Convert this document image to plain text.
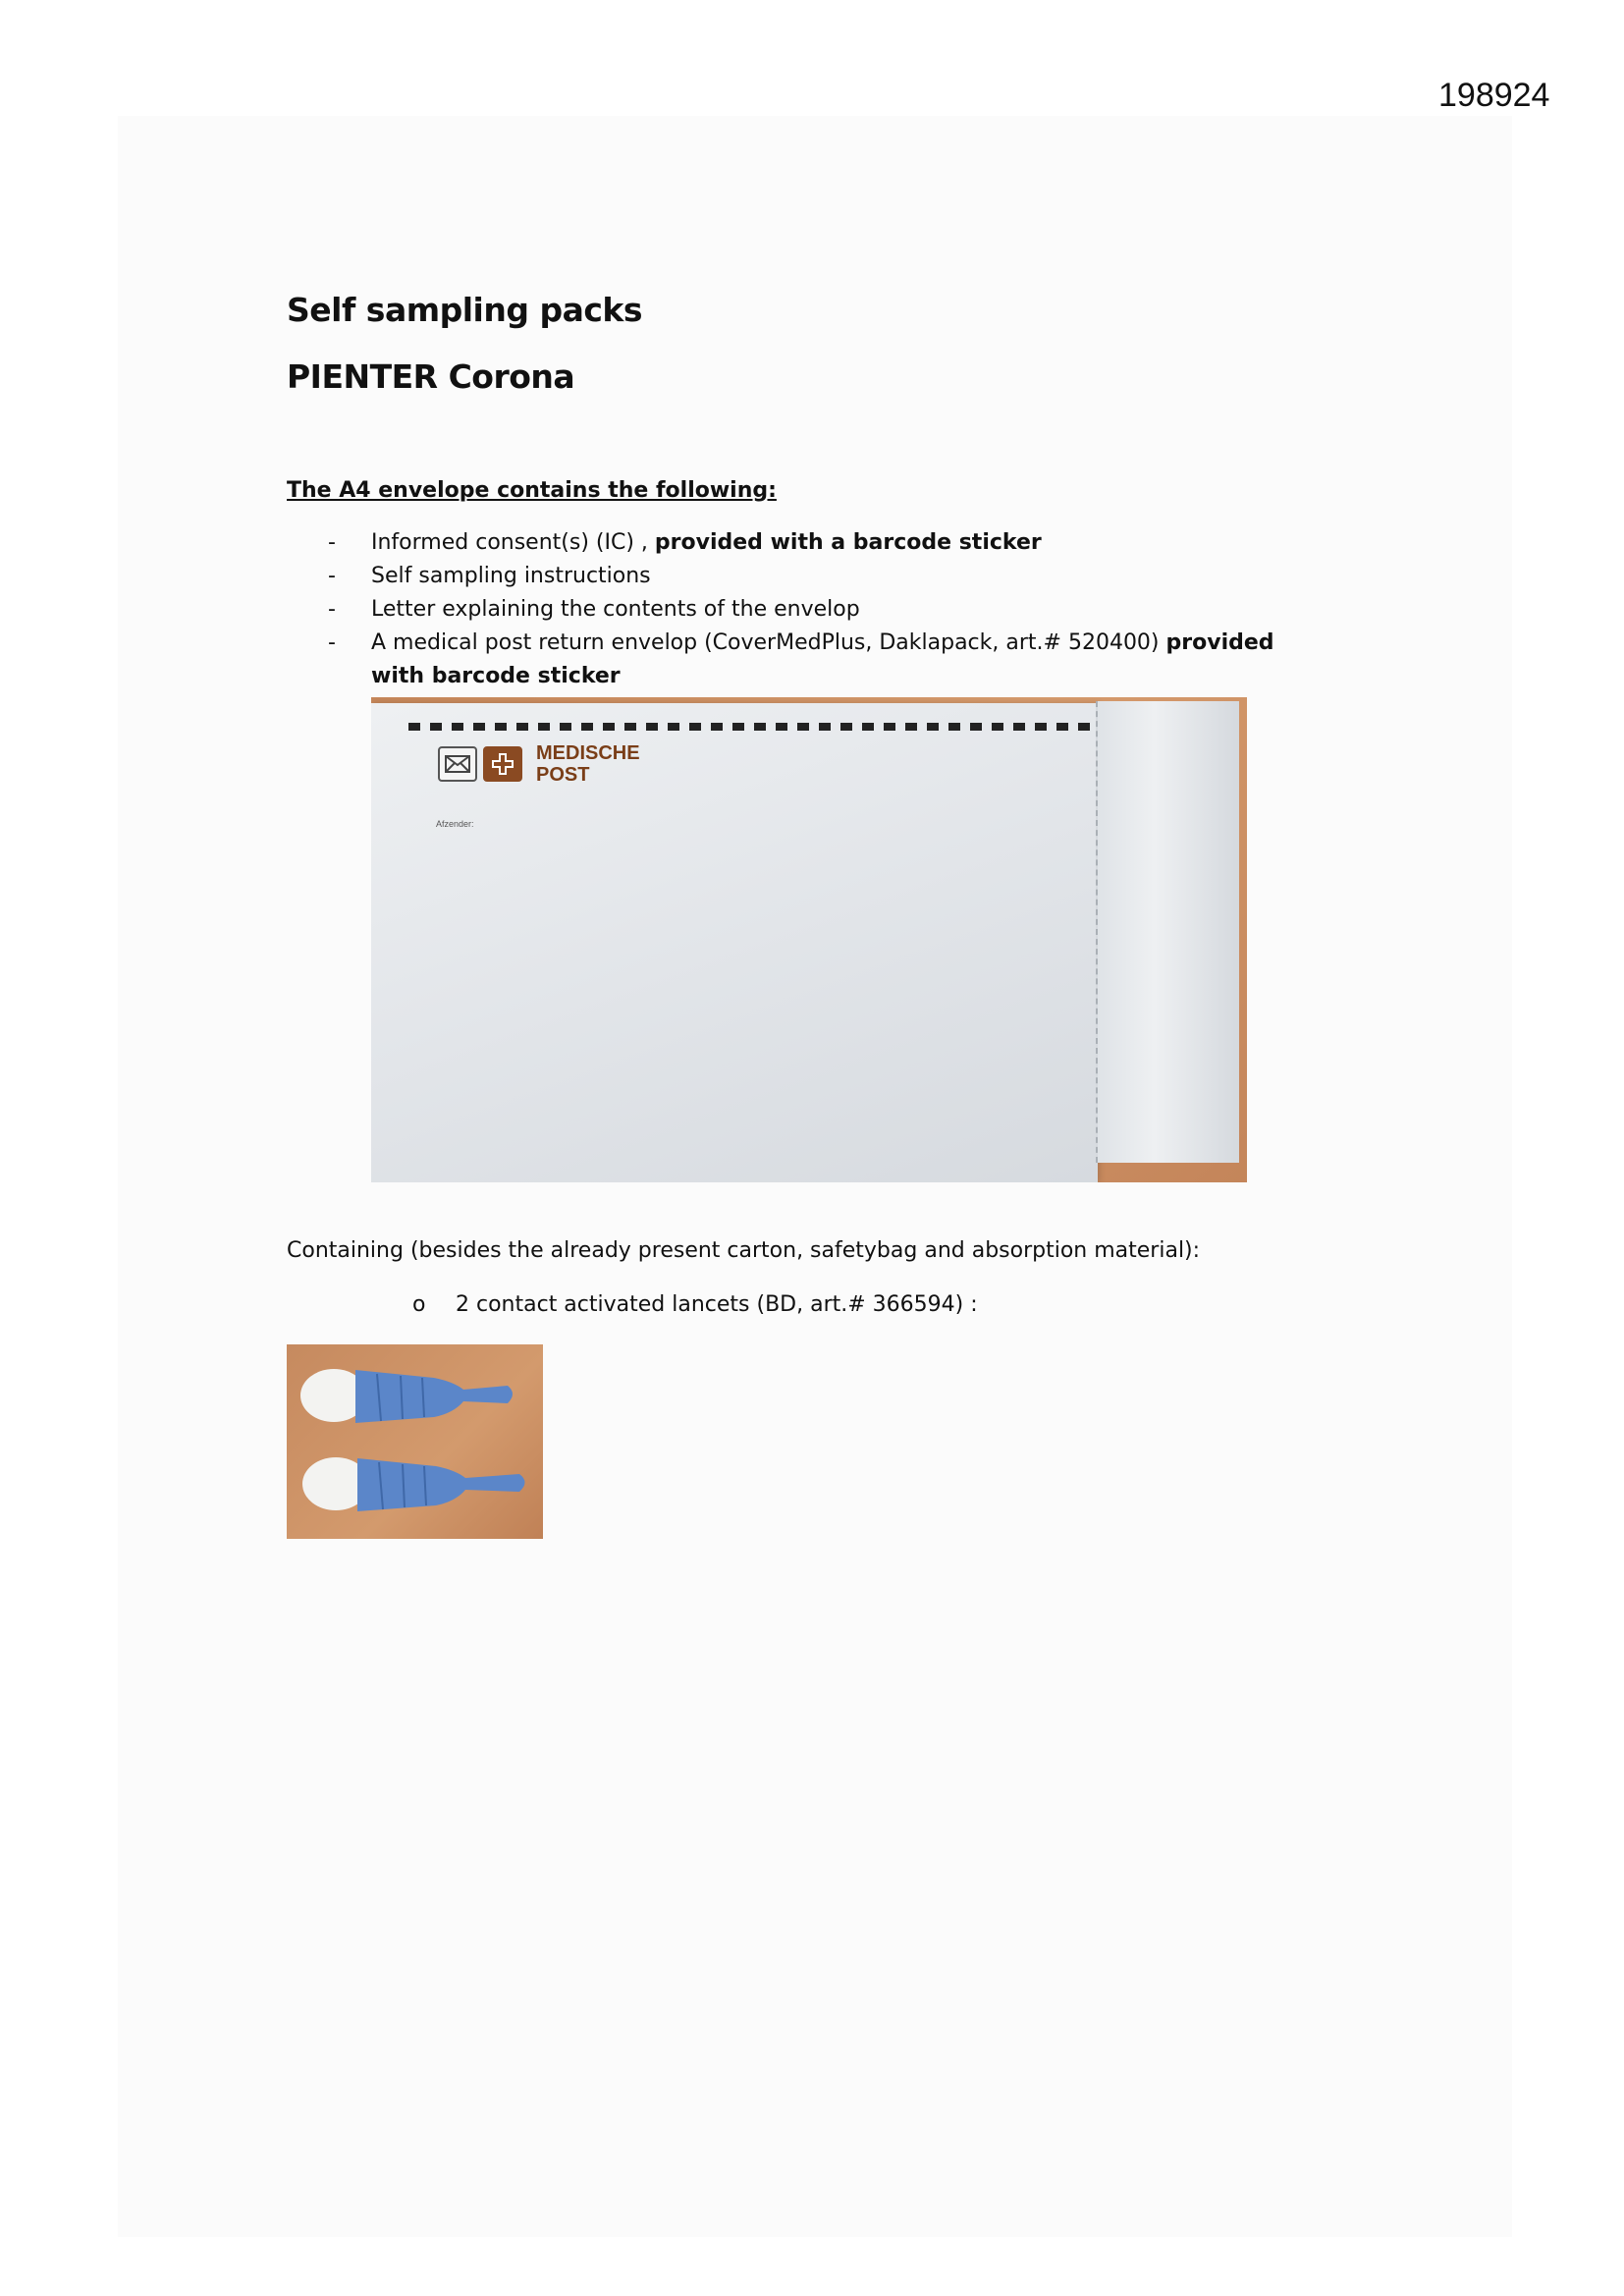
198924
Self sampling packs
PIENTER Corona
The A4 envelope contains the following:
- Informed consent(s) (IC) , provided with a barcode sticker
- Self sampling instructions
- Letter explaining the contents of the envelop
- A medical post return envelop (CoverMedPlus, Daklapack, art.# 520400) provided with barcode sticker
MEDISCHE
POST
Afzender:
Containing (besides the already present carton, safetybag and absorption material):
o 2 contact activated lancets (BD, art.# 366594) :
